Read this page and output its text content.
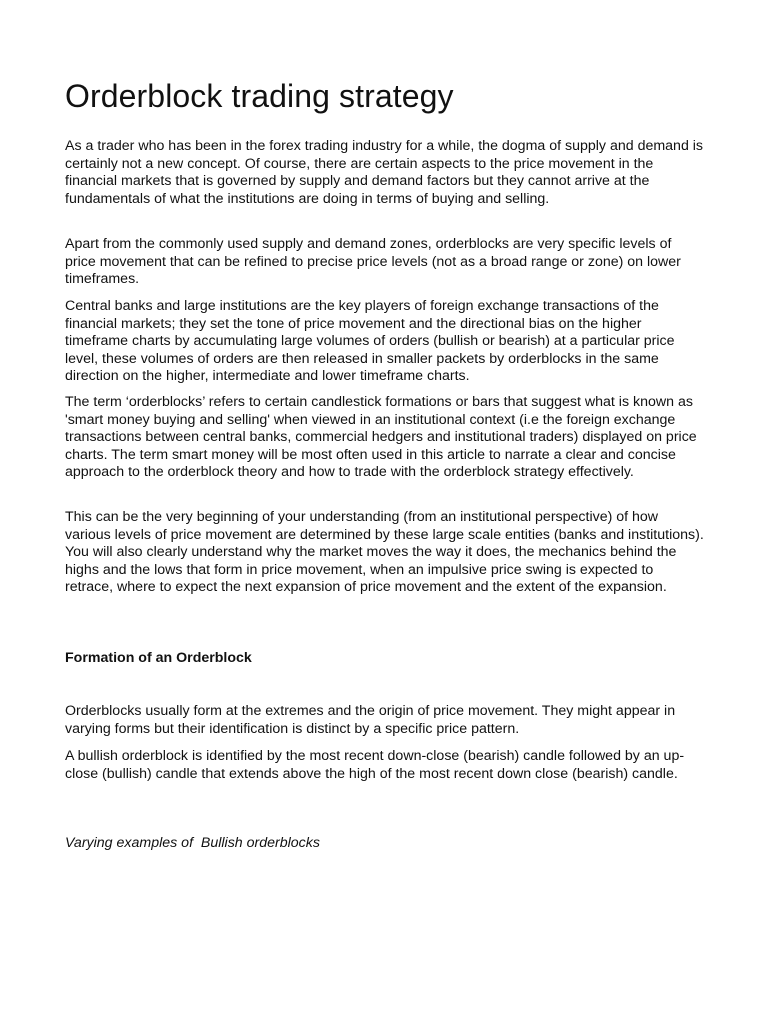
Orderblock trading strategy

As a trader who has been in the forex trading industry for a while, the dogma of supply and demand is certainly not a new concept. Of course, there are certain aspects to the price movement in the financial markets that is governed by supply and demand factors but they cannot arrive at the fundamentals of what the institutions are doing in terms of buying and selling.

Apart from the commonly used supply and demand zones, orderblocks are very specific levels of price movement that can be refined to precise price levels (not as a broad range or zone) on lower timeframes.

Central banks and large institutions are the key players of foreign exchange transactions of the financial markets; they set the tone of price movement and the directional bias on the higher timeframe charts by accumulating large volumes of orders (bullish or bearish) at a particular price level, these volumes of orders are then released in smaller packets by orderblocks in the same direction on the higher, intermediate and lower timeframe charts.

The term ‘orderblocks’ refers to certain candlestick formations or bars that suggest what is known as 'smart money buying and selling' when viewed in an institutional context (i.e the foreign exchange transactions between central banks, commercial hedgers and institutional traders) displayed on price charts. The term smart money will be most often used in this article to narrate a clear and concise approach to the orderblock theory and how to trade with the orderblock strategy effectively.

This can be the very beginning of your understanding (from an institutional perspective) of how various levels of price movement are determined by these large scale entities (banks and institutions). You will also clearly understand why the market moves the way it does, the mechanics behind the highs and the lows that form in price movement, when an impulsive price swing is expected to retrace, where to expect the next expansion of price movement and the extent of the expansion.

Formation of an Orderblock

Orderblocks usually form at the extremes and the origin of price movement. They might appear in varying forms but their identification is distinct by a specific price pattern.

A bullish orderblock is identified by the most recent down-close (bearish) candle followed by an up-close (bullish) candle that extends above the high of the most recent down close (bearish) candle.

Varying examples of  Bullish orderblocks
